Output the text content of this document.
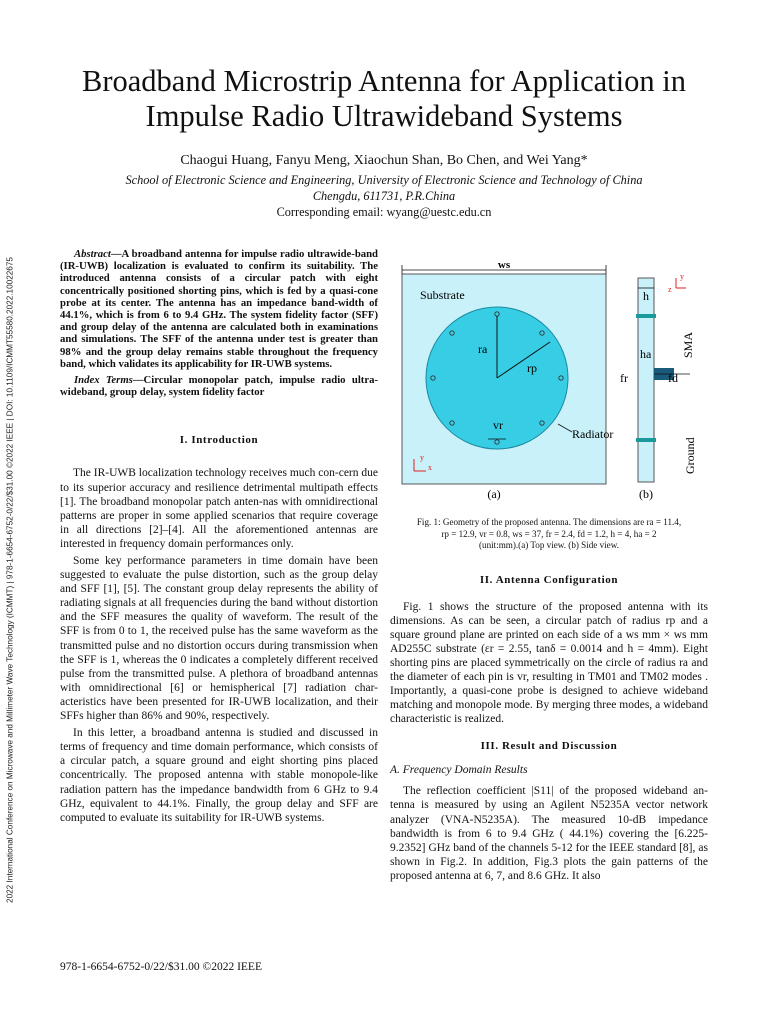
2022 International Conference on Microwave and Millimeter Wave Technology (ICMMT) | 978-1-6654-6752-0/22/$31.00 ©2022 IEEE | DOI: 10.1109/ICMMT55580.2022.10022675
Broadband Microstrip Antenna for Application in
Impulse Radio Ultrawideband Systems
Chaogui Huang, Fanyu Meng, Xiaochun Shan, Bo Chen, and Wei Yang*
School of Electronic Science and Engineering, University of Electronic Science and Technology of China
Chengdu, 611731, P.R.China
Corresponding email: wyang@uestc.edu.cn

Abstract—A broadband antenna for impulse radio ultrawide-band (IR-UWB) localization is evaluated to confirm its suitability. The introduced antenna consists of a circular patch with eight concentrically positioned shorting pins, which is fed by a quasi-cone probe at its center. The antenna has an impedance band-width of 44.1%, which is from 6 to 9.4 GHz. The system fidelity factor (SFF) and group delay of the antenna are calculated both in examinations and simulations. The SFF of the antenna under test is greater than 98% and the group delay remains stable throughout the frequency band, which validates its applicability for IR-UWB systems.

Index Terms—Circular monopolar patch, impulse radio ultra-wideband, group delay, system fidelity factor

I. Introduction

The IR-UWB localization technology receives much con-cern due to its superior accuracy and resilience detrimental multipath effects [1]. The broadband monopolar patch anten-nas with omnidirectional patterns are proper in some applied scenarios that require coverage in all directions [2]–[4]. All the aforementioned antennas are interested in frequency domain performances only.

Some key performance parameters in time domain have been suggested to evaluate the pulse distortion, such as the group delay and SFF [1], [5]. The constant group delay represents the ability of radiating signals at all frequencies during the band without distortion and the SFF measures the quality of waveform. The result of the SFF is from 0 to 1, the received pulse has the same waveform as the transmitted pulse and no distortion occurs during transmission when the SFF is 1, whereas the 0 indicates a completely different received pulse from the transmitted pulse. A plethora of broadband antennas with omnidirectional [6] or hemispherical [7] radiation char-acteristics have been presented for IR-UWB localization, and their SFFs higher than 86% and 90%, respectively.

In this letter, a broadband antenna is studied and discussed in terms of frequency and time domain performance, which consists of a circular patch, a square ground and eight shorting pins placed concentrically. The proposed antenna with stable monopole-like radiation pattern has the impedance bandwidth from 6 GHz to 9.4 GHz, equivalent to 44.1%. Finally, the group delay and SFF are computed to evaluate its suitability for IR-UWB systems.

ws
Substrate
ra
rp
vr
Radiator
y
x
h
ha
fr	fd
SMA
Ground
y
z
(a)	(b)

Fig. 1: Geometry of the proposed antenna. The dimensions are ra = 11.4,
rp = 12.9, vr = 0.8, ws = 37, fr = 2.4, fd = 1.2, h = 4, ha = 2
(unit:mm).(a) Top view. (b) Side view.

II. Antenna Configuration

Fig. 1 shows the structure of the proposed antenna with its dimensions. As can be seen, a circular patch of radius rp and a square ground plane are printed on each side of a ws mm × ws mm AD255C substrate (εr = 2.55, tanδ = 0.0014 and h = 4mm). Eight shorting pins are placed symmetrically on the circle of radius ra and the diameter of each pin is vr, resulting in TM01 and TM02 modes . Importantly, a quasi-cone probe is designed to achieve wideband matching and monopole mode. By merging three modes, a wideband characteristic is realized.

III. Result and Discussion

A. Frequency Domain Results

The reflection coefficient |S11| of the proposed wideband an-tenna is measured by using an Agilent N5235A vector network analyzer (VNA-N5235A). The measured 10-dB impedance bandwidth is from 6 to 9.4 GHz ( 44.1%) covering the [6.225-9.2352] GHz band of the channels 5-12 for the IEEE standard [8], as shown in Fig.2. In addition, Fig.3 plots the gain patterns of the proposed antenna at 6, 7, and 8.6 GHz. It also

978-1-6654-6752-0/22/$31.00 ©2022 IEEE
